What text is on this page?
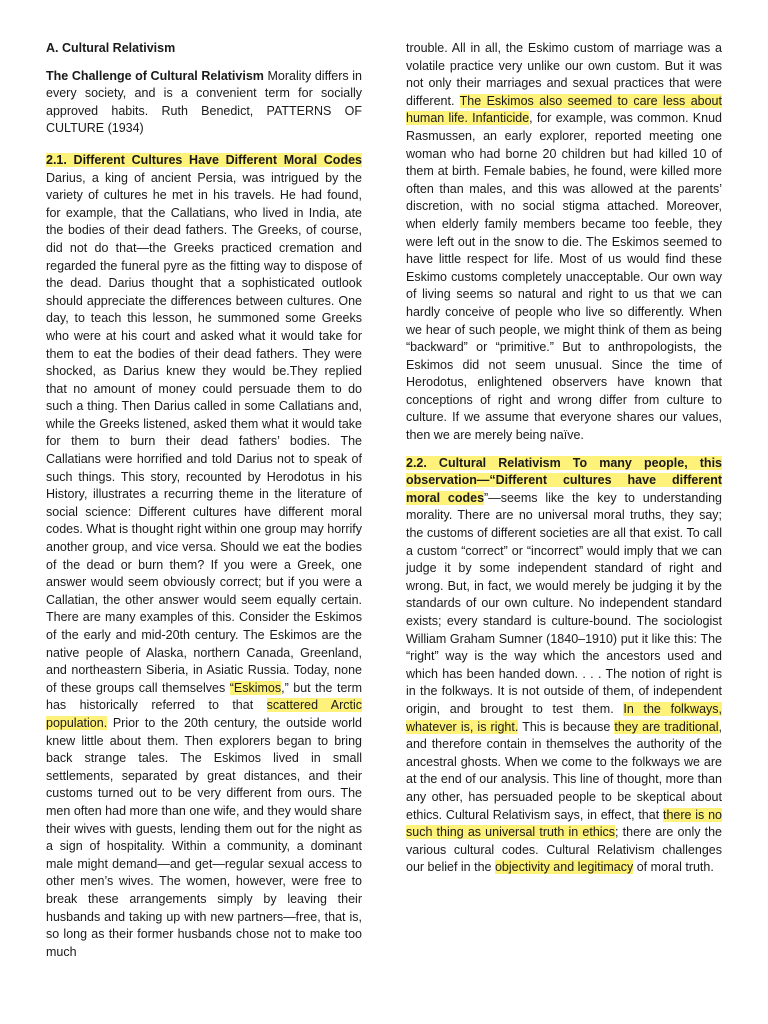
A. Cultural Relativism

The Challenge of Cultural Relativism Morality differs in every society, and is a convenient term for socially approved habits. Ruth Benedict, PATTERNS OF CULTURE (1934)

2.1. Different Cultures Have Different Moral Codes Darius, a king of ancient Persia, was intrigued by the variety of cultures he met in his travels. He had found, for example, that the Callatians, who lived in India, ate the bodies of their dead fathers. The Greeks, of course, did not do that—the Greeks practiced cremation and regarded the funeral pyre as the fitting way to dispose of the dead. Darius thought that a sophisticated outlook should appreciate the differences between cultures. One day, to teach this lesson, he summoned some Greeks who were at his court and asked what it would take for them to eat the bodies of their dead fathers. They were shocked, as Darius knew they would be.They replied that no amount of money could persuade them to do such a thing. Then Darius called in some Callatians and, while the Greeks listened, asked them what it would take for them to burn their dead fathers’ bodies. The Callatians were horrified and told Darius not to speak of such things. This story, recounted by Herodotus in his History, illustrates a recurring theme in the literature of social science: Different cultures have different moral codes. What is thought right within one group may horrify another group, and vice versa. Should we eat the bodies of the dead or burn them? If you were a Greek, one answer would seem obviously correct; but if you were a Callatian, the other answer would seem equally certain. There are many examples of this. Consider the Eskimos of the early and mid-20th century. The Eskimos are the native people of Alaska, northern Canada, Greenland, and northeastern Siberia, in Asiatic Russia. Today, none of these groups call themselves “Eskimos,” but the term has historically referred to that scattered Arctic population. Prior to the 20th century, the outside world knew little about them. Then explorers began to bring back strange tales. The Eskimos lived in small settlements, separated by great distances, and their customs turned out to be very different from ours. The men often had more than one wife, and they would share their wives with guests, lending them out for the night as a sign of hospitality. Within a community, a dominant male might demand—and get—regular sexual access to other men’s wives. The women, however, were free to break these arrangements simply by leaving their husbands and taking up with new partners—free, that is, so long as their former husbands chose not to make too much

trouble. All in all, the Eskimo custom of marriage was a volatile practice very unlike our own custom. But it was not only their marriages and sexual practices that were different. The Eskimos also seemed to care less about human life. Infanticide, for example, was common. Knud Rasmussen, an early explorer, reported meeting one woman who had borne 20 children but had killed 10 of them at birth. Female babies, he found, were killed more often than males, and this was allowed at the parents’ discretion, with no social stigma attached. Moreover, when elderly family members became too feeble, they were left out in the snow to die. The Eskimos seemed to have little respect for life. Most of us would find these Eskimo customs completely unacceptable. Our own way of living seems so natural and right to us that we can hardly conceive of people who live so differently. When we hear of such people, we might think of them as being “backward” or “primitive.” But to anthropologists, the Eskimos did not seem unusual. Since the time of Herodotus, enlightened observers have known that conceptions of right and wrong differ from culture to culture. If we assume that everyone shares our values, then we are merely being naïve.

2.2. Cultural Relativism To many people, this observation—“Different cultures have different moral codes”—seems like the key to understanding morality. There are no universal moral truths, they say; the customs of different societies are all that exist. To call a custom “correct” or “incorrect” would imply that we can judge it by some independent standard of right and wrong. But, in fact, we would merely be judging it by the standards of our own culture. No independent standard exists; every standard is culture-bound. The sociologist William Graham Sumner (1840–1910) put it like this: The “right” way is the way which the ancestors used and which has been handed down. . . . The notion of right is in the folkways. It is not outside of them, of independent origin, and brought to test them. In the folkways, whatever is, is right. This is because they are traditional, and therefore contain in themselves the authority of the ancestral ghosts. When we come to the folkways we are at the end of our analysis. This line of thought, more than any other, has persuaded people to be skeptical about ethics. Cultural Relativism says, in effect, that there is no such thing as universal truth in ethics; there are only the various cultural codes. Cultural Relativism challenges our belief in the objectivity and legitimacy of moral truth.
